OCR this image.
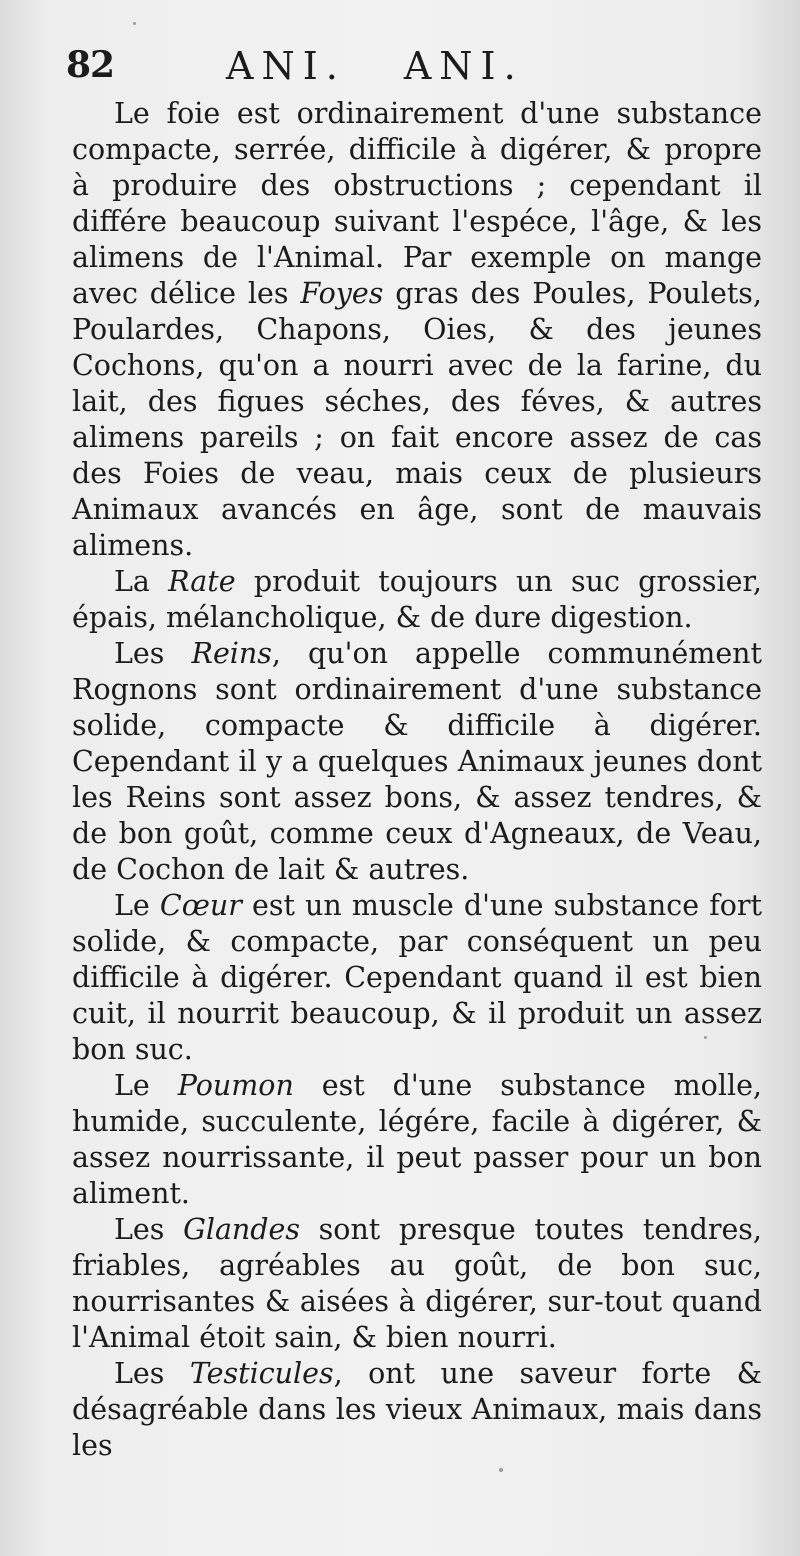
82	ANI. ANI.

Le foie est ordinairement d'une substance compacte, serrée, difficile à digérer, & propre à produire des obstructions ; cependant il différe beaucoup suivant l'espéce, l'âge, & les alimens de l'Animal. Par exemple on mange avec délice les Foyes gras des Poules, Poulets, Poulardes, Chapons, Oies, & des jeunes Cochons, qu'on a nourri avec de la farine, du lait, des figues séches, des féves, & autres alimens pareils ; on fait encore assez de cas des Foies de veau, mais ceux de plusieurs Animaux avancés en âge, sont de mauvais alimens.

La Rate produit toujours un suc grossier, épais, mélancholique, & de dure digestion.

Les Reins, qu'on appelle communément Rognons sont ordinairement d'une substance solide, compacte & difficile à digérer. Cependant il y a quelques Animaux jeunes dont les Reins sont assez bons, & assez tendres, & de bon goût, comme ceux d'Agneaux, de Veau, de Cochon de lait & autres.

Le Cœur est un muscle d'une substance fort solide, & compacte, par conséquent un peu difficile à digérer. Cependant quand il est bien cuit, il nourrit beaucoup, & il produit un assez bon suc.

Le Poumon est d'une substance molle, humide, succulente, légére, facile à digérer, & assez nourrissante, il peut passer pour un bon aliment.

Les Glandes sont presque toutes tendres, friables, agréables au goût, de bon suc, nourrisantes & aisées à digérer, sur-tout quand l'Animal étoit sain, & bien nourri.

Les Testicules, ont une saveur forte & désagréable dans les vieux Animaux, mais dans les
